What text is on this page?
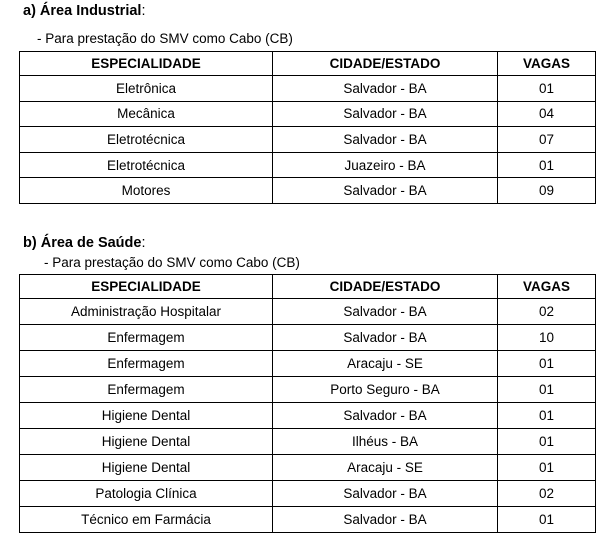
a) Área Industrial:
- Para prestação do SMV como Cabo (CB)
ESPECIALIDADE	CIDADE/ESTADO	VAGAS
Eletrônica	Salvador - BA	01
Mecânica	Salvador - BA	04
Eletrotécnica	Salvador - BA	07
Eletrotécnica	Juazeiro - BA	01
Motores	Salvador - BA	09
b) Área de Saúde:
- Para prestação do SMV como Cabo (CB)
ESPECIALIDADE	CIDADE/ESTADO	VAGAS
Administração Hospitalar	Salvador - BA	02
Enfermagem	Salvador - BA	10
Enfermagem	Aracaju - SE	01
Enfermagem	Porto Seguro - BA	01
Higiene Dental	Salvador - BA	01
Higiene Dental	Ilhéus - BA	01
Higiene Dental	Aracaju - SE	01
Patologia Clínica	Salvador - BA	02
Técnico em Farmácia	Salvador - BA	01
